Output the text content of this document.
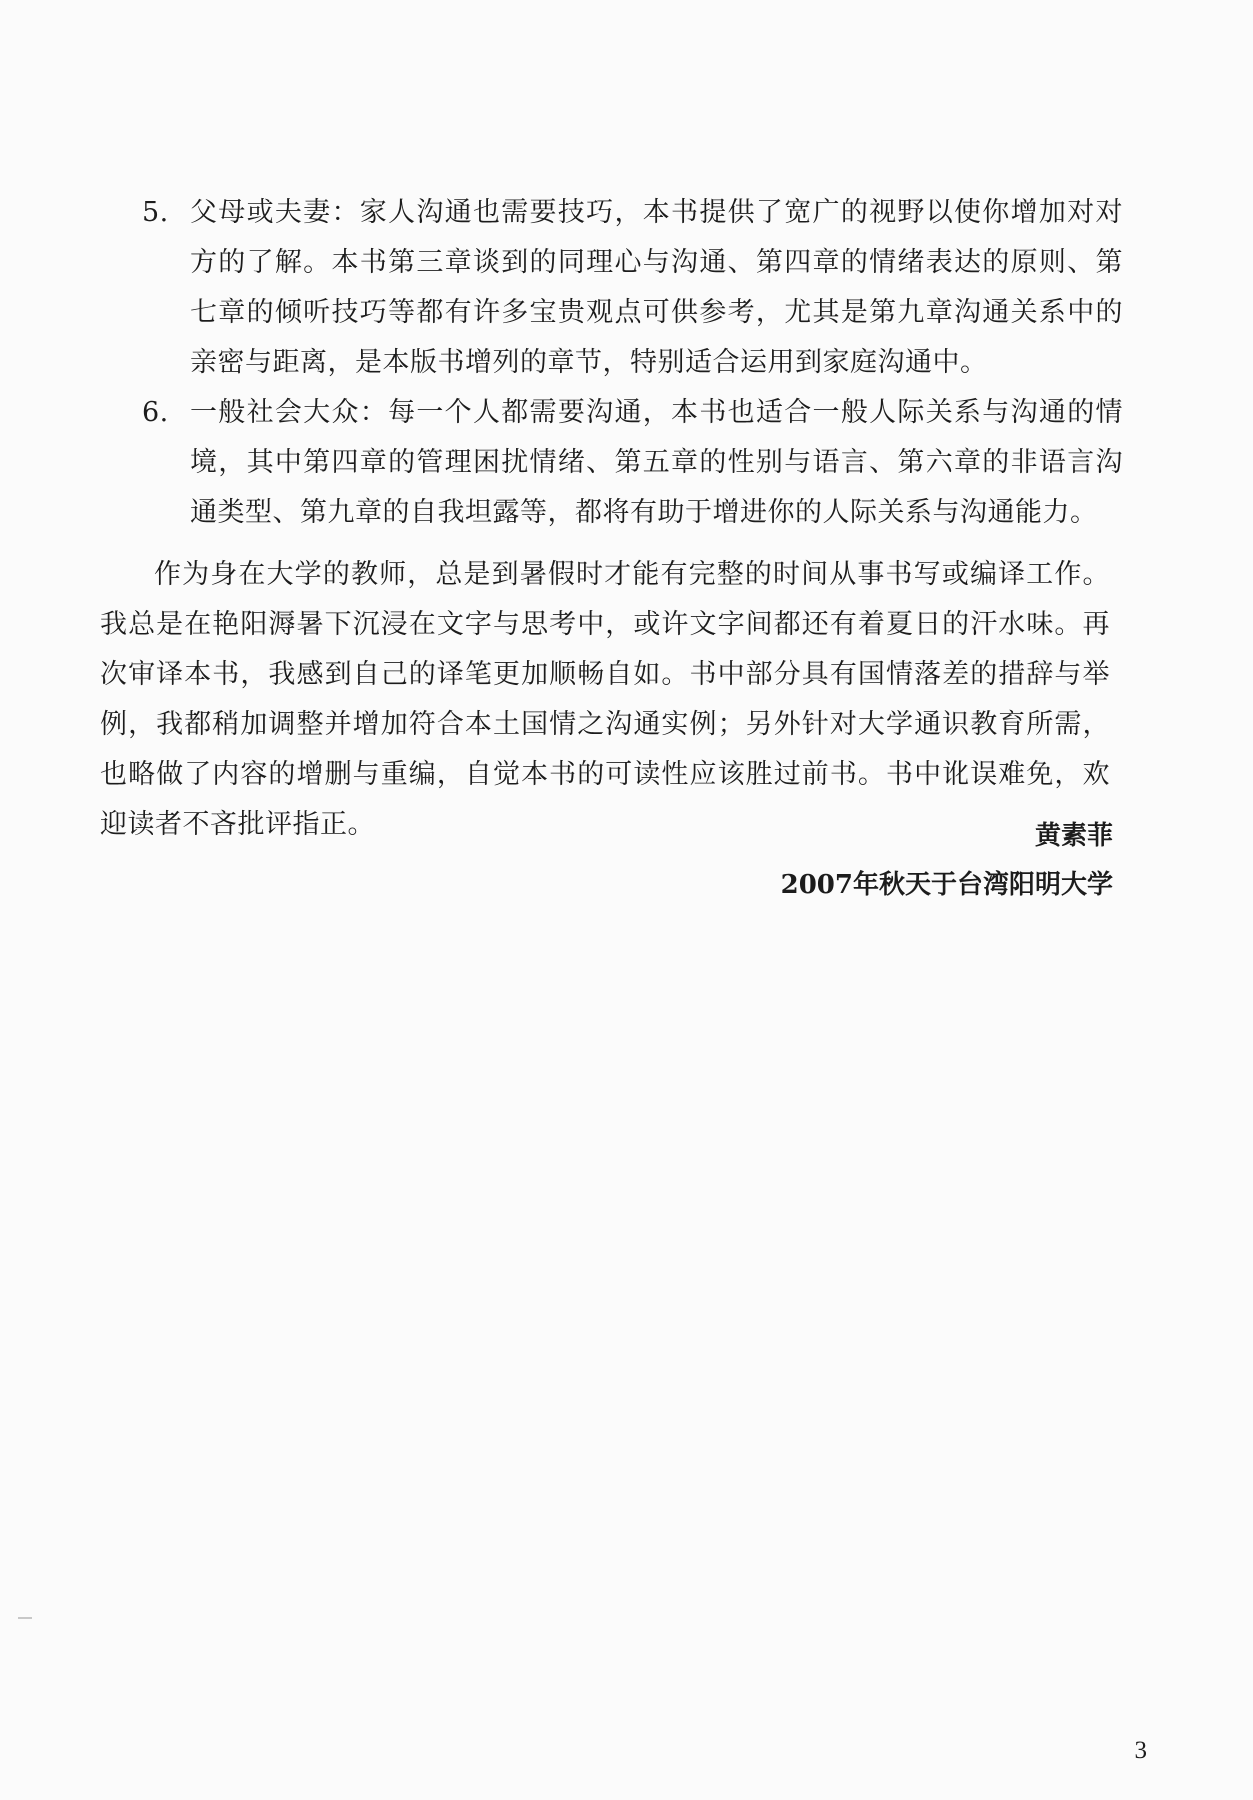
5. 父母或夫妻：家人沟通也需要技巧，本书提供了宽广的视野以使你增加对对方的了解。本书第三章谈到的同理心与沟通、第四章的情绪表达的原则、第七章的倾听技巧等都有许多宝贵观点可供参考，尤其是第九章沟通关系中的亲密与距离，是本版书增列的章节，特别适合运用到家庭沟通中。
6. 一般社会大众：每一个人都需要沟通，本书也适合一般人际关系与沟通的情境，其中第四章的管理困扰情绪、第五章的性别与语言、第六章的非语言沟通类型、第九章的自我坦露等，都将有助于增进你的人际关系与沟通能力。

作为身在大学的教师，总是到暑假时才能有完整的时间从事书写或编译工作。我总是在艳阳溽暑下沉浸在文字与思考中，或许文字间都还有着夏日的汗水味。再次审译本书，我感到自己的译笔更加顺畅自如。书中部分具有国情落差的措辞与举例，我都稍加调整并增加符合本土国情之沟通实例；另外针对大学通识教育所需，也略做了内容的增删与重编，自觉本书的可读性应该胜过前书。书中讹误难免，欢迎读者不吝批评指正。	黄素菲
2007年秋天于台湾阳明大学
3
